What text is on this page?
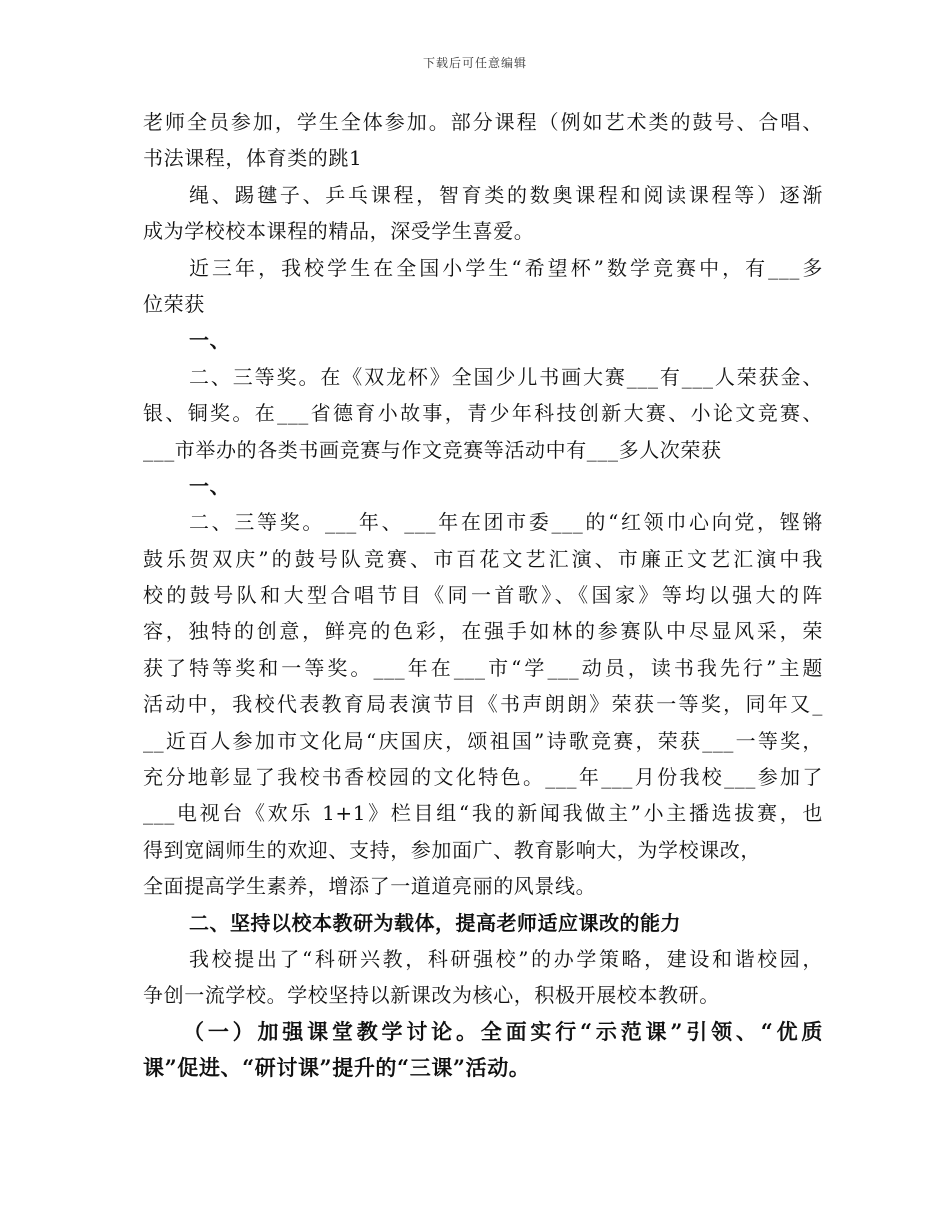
下载后可任意编辑
老师全员参加，学生全体参加。部分课程（例如艺术类的鼓号、合唱、
书法课程，体育类的跳1
绳、踢毽子、乒乓课程，智育类的数奥课程和阅读课程等）逐渐
成为学校校本课程的精品，深受学生喜爱。
近三年，我校学生在全国小学生“希望杯”数学竞赛中，有___多
位荣获
一、
二、三等奖。在《双龙杯》全国少儿书画大赛___有___人荣获金、
银、铜奖。在___省德育小故事，青少年科技创新大赛、小论文竞赛、
___市举办的各类书画竞赛与作文竞赛等活动中有___多人次荣获
一、
二、三等奖。___年、___年在团市委___的“红领巾心向党，铿锵
鼓乐贺双庆”的鼓号队竞赛、市百花文艺汇演、市廉正文艺汇演中我
校的鼓号队和大型合唱节目《同一首歌》、《国家》等均以强大的阵
容，独特的创意，鲜亮的色彩，在强手如林的参赛队中尽显风采，荣
获了特等奖和一等奖。___年在___市“学___动员，读书我先行”主题
活动中，我校代表教育局表演节目《书声朗朗》荣获一等奖，同年又_
__近百人参加市文化局“庆国庆，颂祖国”诗歌竞赛，荣获___一等奖，
充分地彰显了我校书香校园的文化特色。___年___月份我校___参加了
___电视台《欢乐 1+1》栏目组“我的新闻我做主”小主播选拔赛，也
得到宽阔师生的欢迎、支持，参加面广、教育影响大，为学校课改，
全面提高学生素养，增添了一道道亮丽的风景线。
二、坚持以校本教研为载体，提高老师适应课改的能力
我校提出了“科研兴教，科研强校”的办学策略，建设和谐校园，
争创一流学校。学校坚持以新课改为核心，积极开展校本教研。
（一）加强课堂教学讨论。全面实行“示范课”引领、“优质
课”促进、“研讨课”提升的“三课”活动。
